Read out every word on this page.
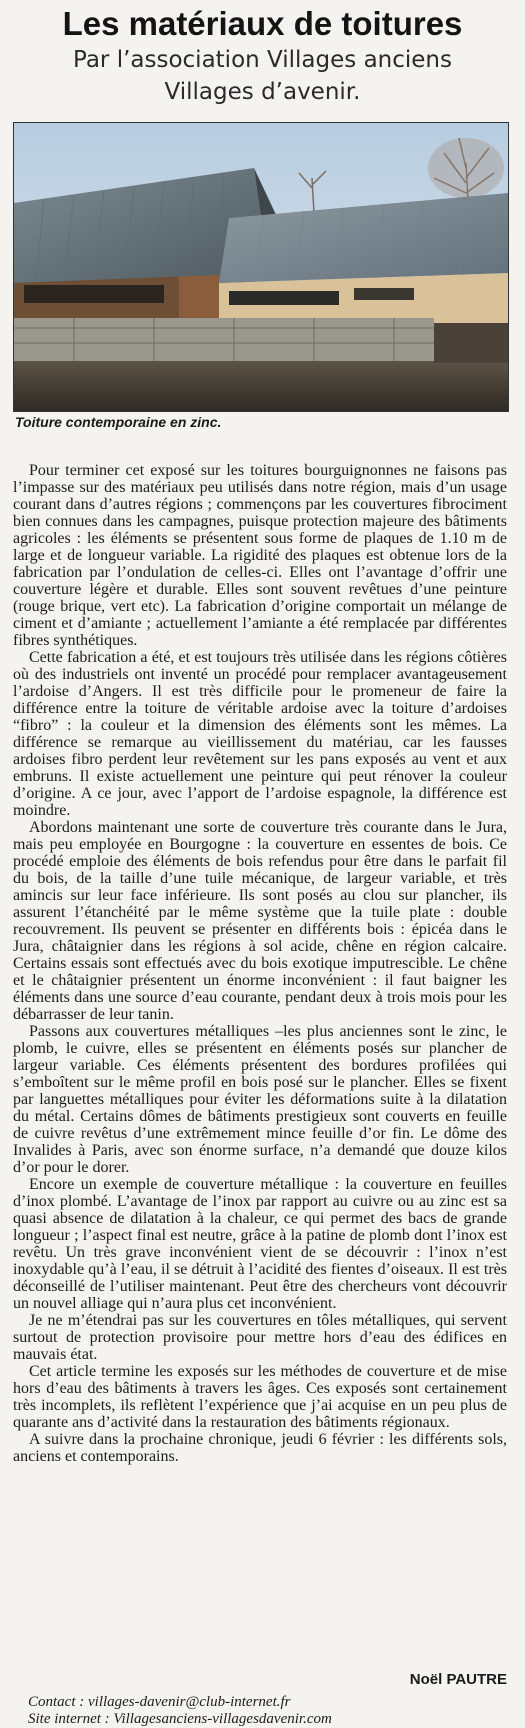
Les matériaux de toitures
Par l’association Villages anciens
Villages d’avenir.
Toiture contemporaine en zinc.

Pour terminer cet exposé sur les toitures bourguignonnes ne faisons pas l’impasse sur des matériaux peu utilisés dans notre région, mais d’un usage courant dans d’autres régions ; commençons par les couvertures fibrociment bien connues dans les campagnes, puisque protection majeure des bâtiments agricoles : les éléments se présentent sous forme de plaques de 1.10 m de large et de longueur variable. La rigidité des plaques est obtenue lors de la fabrication par l’ondulation de celles-ci. Elles ont l’avantage d’offrir une couverture légère et durable. Elles sont souvent revêtues d’une peinture (rouge brique, vert etc). La fabrication d’origine comportait un mélange de ciment et d’amiante ; actuellement l’amiante a été remplacée par différentes fibres synthétiques.

Cette fabrication a été, et est toujours très utilisée dans les régions côtières où des industriels ont inventé un procédé pour remplacer avantageusement l’ardoise d’Angers. Il est très difficile pour le promeneur de faire la différence entre la toiture de véritable ardoise avec la toiture d’ardoises “fibro” : la couleur et la dimension des éléments sont les mêmes. La différence se remarque au vieillissement du matériau, car les fausses ardoises fibro perdent leur revêtement sur les pans exposés au vent et aux embruns. Il existe actuellement une peinture qui peut rénover la couleur d’origine. A ce jour, avec l’apport de l’ardoise espagnole, la différence est moindre.

Abordons maintenant une sorte de couverture très courante dans le Jura, mais peu employée en Bourgogne : la couverture en essentes de bois. Ce procédé emploie des éléments de bois refendus pour être dans le parfait fil du bois, de la taille d’une tuile mécanique, de largeur variable, et très amincis sur leur face inférieure. Ils sont posés au clou sur plancher, ils assurent l’étanchéité par le même système que la tuile plate : double recouvrement. Ils peuvent se présenter en différents bois : épicéa dans le Jura, châtaignier dans les régions à sol acide, chêne en région calcaire. Certains essais sont effectués avec du bois exotique imputrescible. Le chêne et le châtaignier présentent un énorme inconvénient : il faut baigner les éléments dans une source d’eau courante, pendant deux à trois mois pour les débarrasser de leur tanin.

Passons aux couvertures métalliques –les plus anciennes sont le zinc, le plomb, le cuivre, elles se présentent en éléments posés sur plancher de largeur variable. Ces éléments présentent des bordures profilées qui s’emboîtent sur le même profil en bois posé sur le plancher. Elles se fixent par languettes métalliques pour éviter les déformations suite à la dilatation du métal. Certains dômes de bâtiments prestigieux sont couverts en feuille de cuivre revêtus d’une extrêmement mince feuille d’or fin. Le dôme des Invalides à Paris, avec son énorme surface, n’a demandé que douze kilos d’or pour le dorer.

Encore un exemple de couverture métallique : la couverture en feuilles d’inox plombé. L’avantage de l’inox par rapport au cuivre ou au zinc est sa quasi absence de dilatation à la chaleur, ce qui permet des bacs de grande longueur ; l’aspect final est neutre, grâce à la patine de plomb dont l’inox est revêtu. Un très grave inconvénient vient de se découvrir : l’inox n’est inoxydable qu’à l’eau, il se détruit à l’acidité des fientes d’oiseaux. Il est très déconseillé de l’utiliser maintenant. Peut être des chercheurs vont découvrir un nouvel alliage qui n’aura plus cet inconvénient.

Je ne m’étendrai pas sur les couvertures en tôles métalliques, qui servent surtout de protection provisoire pour mettre hors d’eau des édifices en mauvais état.

Cet article termine les exposés sur les méthodes de couverture et de mise hors d’eau des bâtiments à travers les âges. Ces exposés sont certainement très incomplets, ils reflètent l’expérience que j’ai acquise en un peu plus de quarante ans d’activité dans la restauration des bâtiments régionaux.

A suivre dans la prochaine chronique, jeudi 6 février : les différents sols, anciens et contemporains.

Noël PAUTRE
Contact : villages-davenir@club-internet.fr
Site internet : Villagesanciens-villagesdavenir.com
